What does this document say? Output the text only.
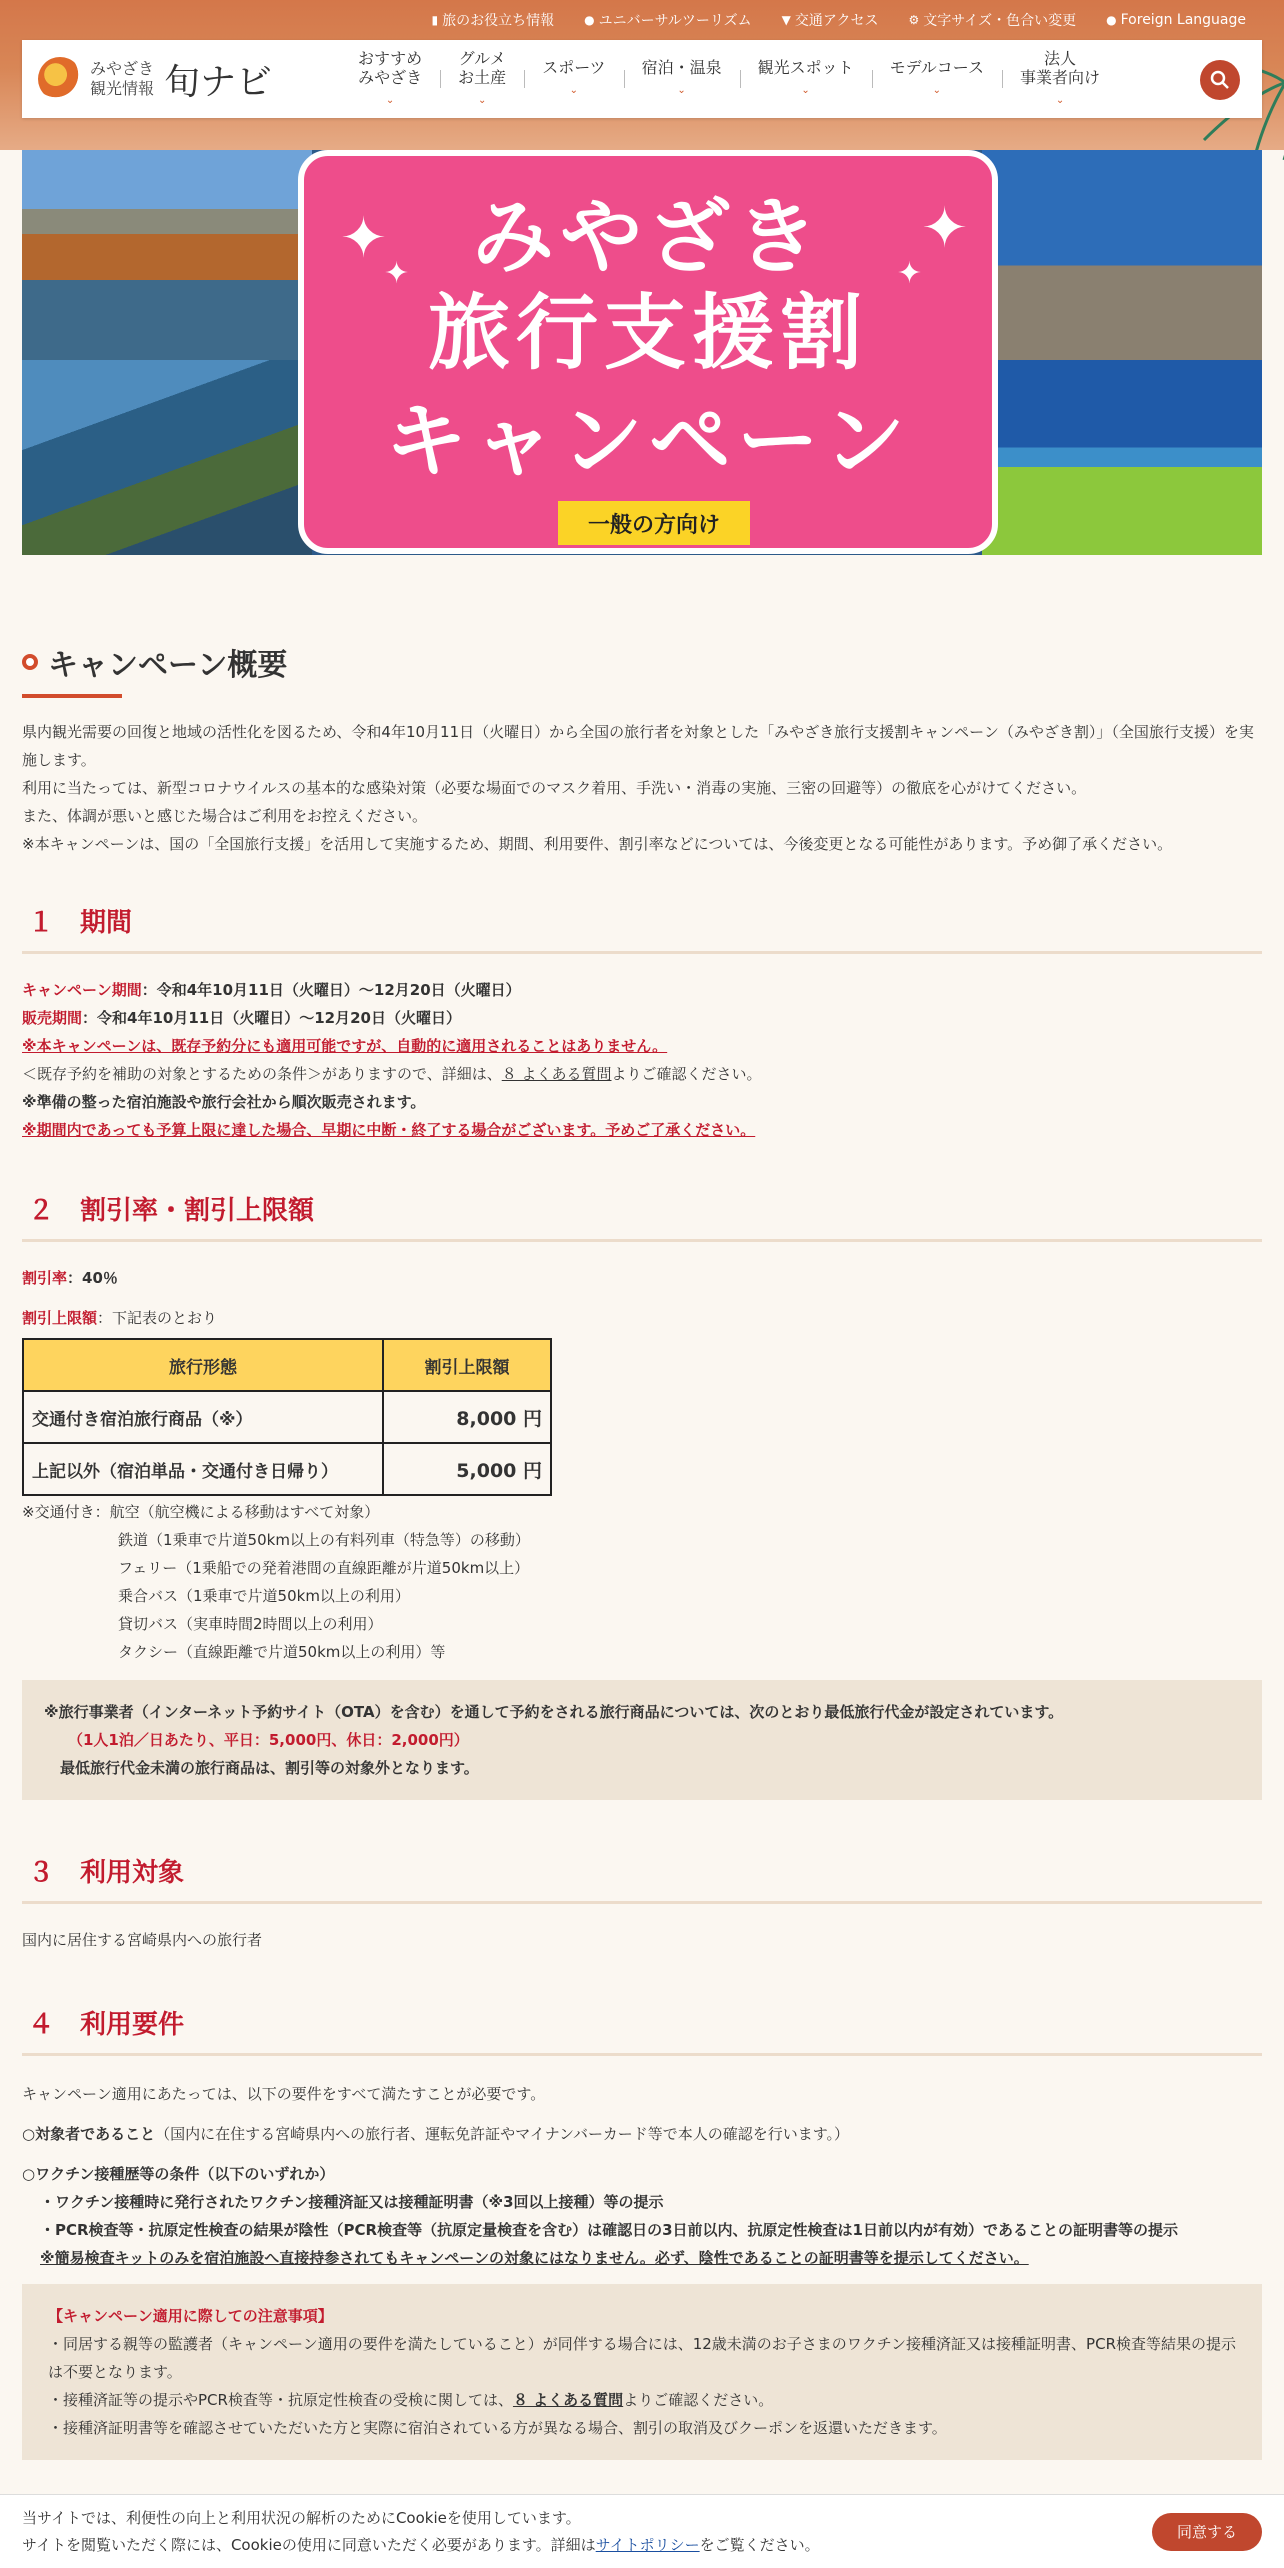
▮ 旅のお役立ち情報	● ユニバーサルツーリズム	▼ 交通アクセス	⚙ 文字サイズ・色合い変更	● Foreign Language
みやざき
観光情報 旬ナビ
おすすめ
みやざき
⌄
グルメ
お土産
⌄
スポーツ
⌄
宿泊・温泉
⌄
観光スポット
⌄
モデルコース
⌄
法人
事業者向け
⌄
✦
✦
✦
✦
みやざき
旅行支援割
キャンペーン
一般の方向け
キャンペーン概要

県内観光需要の回復と地域の活性化を図るため、令和4年10月11日（火曜日）から全国の旅行者を対象とした「みやざき旅行支援割キャンペーン（みやざき割）」（全国旅行支援）を実施します。

利用に当たっては、新型コロナウイルスの基本的な感染対策（必要な場面でのマスク着用、手洗い・消毒の実施、三密の回避等）の徹底を心がけてください。

また、体調が悪いと感じた場合はご利用をお控えください。

※本キャンペーンは、国の「全国旅行支援」を活用して実施するため、期間、利用要件、割引率などについては、今後変更となる可能性があります。予め御了承ください。

１　期間

キャンペーン期間：令和4年10月11日（火曜日）～12月20日（火曜日）

販売期間：令和4年10月11日（火曜日）～12月20日（火曜日）

※本キャンペーンは、既存予約分にも適用可能ですが、自動的に適用されることはありません。

＜既存予約を補助の対象とするための条件＞がありますので、詳細は、８ よくある質問よりご確認ください。

※準備の整った宿泊施設や旅行会社から順次販売されます。

※期間内であっても予算上限に達した場合、早期に中断・終了する場合がございます。予めご了承ください。

２　割引率・割引上限額

割引率：40％

割引上限額：下記表のとおり

旅行形態	割引上限額
交通付き宿泊旅行商品（※）	8,000 円
上記以外（宿泊単品・交通付き日帰り）	5,000 円

※交通付き：航空（航空機による移動はすべて対象）

鉄道（1乗車で片道50km以上の有料列車（特急等）の移動）

フェリー（1乗船での発着港間の直線距離が片道50km以上）

乗合バス（1乗車で片道50km以上の利用）

貸切バス（実車時間2時間以上の利用）

タクシー（直線距離で片道50km以上の利用）等

※旅行事業者（インターネット予約サイト（OTA）を含む）を通して予約をされる旅行商品については、次のとおり最低旅行代金が設定されています。

（1人1泊／日あたり、平日：5,000円、休日：2,000円）

最低旅行代金未満の旅行商品は、割引等の対象外となります。

３　利用対象

国内に居住する宮崎県内への旅行者

４　利用要件

キャンペーン適用にあたっては、以下の要件をすべて満たすことが必要です。

○対象者であること（国内に在住する宮崎県内への旅行者、運転免許証やマイナンバーカード等で本人の確認を行います。）

○ワクチン接種歴等の条件（以下のいずれか）

・ワクチン接種時に発行されたワクチン接種済証又は接種証明書（※3回以上接種）等の提示

・PCR検査等・抗原定性検査の結果が陰性（PCR検査等（抗原定量検査を含む）は確認日の3日前以内、抗原定性検査は1日前以内が有効）であることの証明書等の提示

※簡易検査キットのみを宿泊施設へ直接持参されてもキャンペーンの対象にはなりません。必ず、陰性であることの証明書等を提示してください。

【キャンペーン適用に際しての注意事項】

・同居する親等の監護者（キャンペーン適用の要件を満たしていること）が同伴する場合には、12歳未満のお子さまのワクチン接種済証又は接種証明書、PCR検査等結果の提示は不要となります。

・接種済証等の提示やPCR検査等・抗原定性検査の受検に関しては、８ よくある質問よりご確認ください。

・接種済証明書等を確認させていただいた方と実際に宿泊されている方が異なる場合、割引の取消及びクーポンを返還いただきます。

当サイトでは、利便性の向上と利用状況の解析のためにCookieを使用しています。

サイトを閲覧いただく際には、Cookieの使用に同意いただく必要があります。詳細はサイトポリシーをご覧ください。

同意する
